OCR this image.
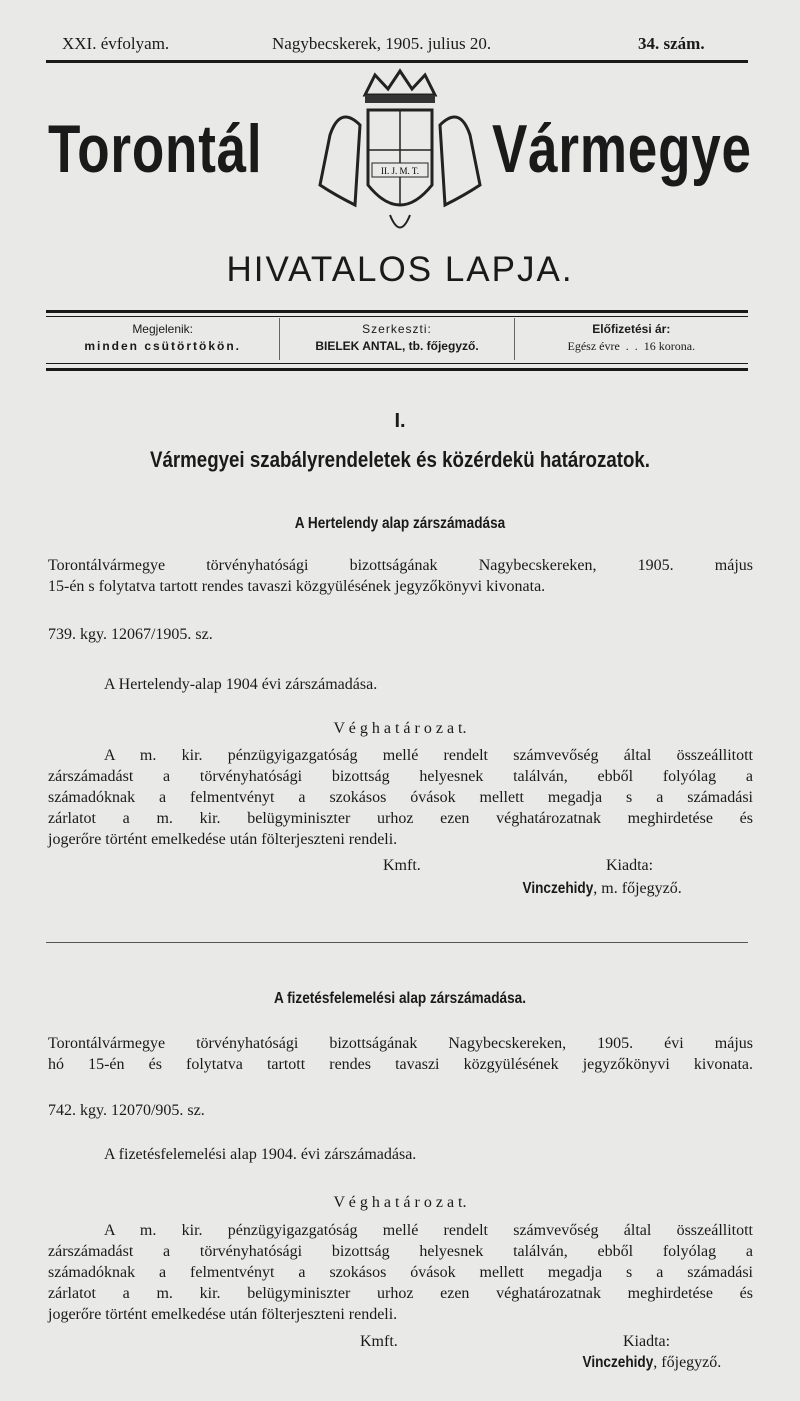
XXI. évfolyam.	Nagybecskerek, 1905. julius 20.	34. szám.
Torontál	Vármegye
II. J. M. T.
HIVATALOS LAPJA.
Megjelenik:
minden csütörtökön.
Szerkeszti:
BIELEK ANTAL, tb. főjegyző.
Előfizetési ár:
Egész évre  .  .  16 korona.
I.
Vármegyei szabályrendeletek és közérdekü határozatok.
A Hertelendy alap zárszámadása
Torontálvármegye törvényhatósági bizottságának Nagybecskereken, 1905. május
15-én s folytatva tartott rendes tavaszi közgyülésének jegyzőkönyvi kivonata.
739. kgy. 12067/1905. sz.
A Hertelendy-alap 1904 évi zárszámadása.
V é g h a t á r o z a t.
A m. kir. pénzügyigazgatóság mellé rendelt számvevőség által összeállitott
zárszámadást a törvényhatósági bizottság helyesnek találván, ebből folyólag a
számadóknak a felmentvényt a szokásos óvások mellett megadja s a számadási
zárlatot a m. kir. belügyminiszter urhoz ezen véghatározatnak meghirdetése és
jogerőre történt emelkedése után fölterjeszteni rendeli.
Kmft.	Kiadta:
Vinczehidy, m. főjegyző.
A fizetésfelemelési alap zárszámadása.
Torontálvármegye törvényhatósági bizottságának Nagybecskereken, 1905. évi május
hó 15-én és folytatva tartott rendes tavaszi közgyülésének jegyzőkönyvi kivonata.
742. kgy. 12070/905. sz.
A fizetésfelemelési alap 1904. évi zárszámadása.
V é g h a t á r o z a t.
A m. kir. pénzügyigazgatóság mellé rendelt számvevőség által összeállitott
zárszámadást a törvényhatósági bizottság helyesnek találván, ebből folyólag a
számadóknak a felmentvényt a szokásos óvások mellett megadja s a számadási
zárlatot a m. kir. belügyminiszter urhoz ezen véghatározatnak meghirdetése és
jogerőre történt emelkedése után fölterjeszteni rendeli.
Kmft.	Kiadta:
Vinczehidy, főjegyző.
